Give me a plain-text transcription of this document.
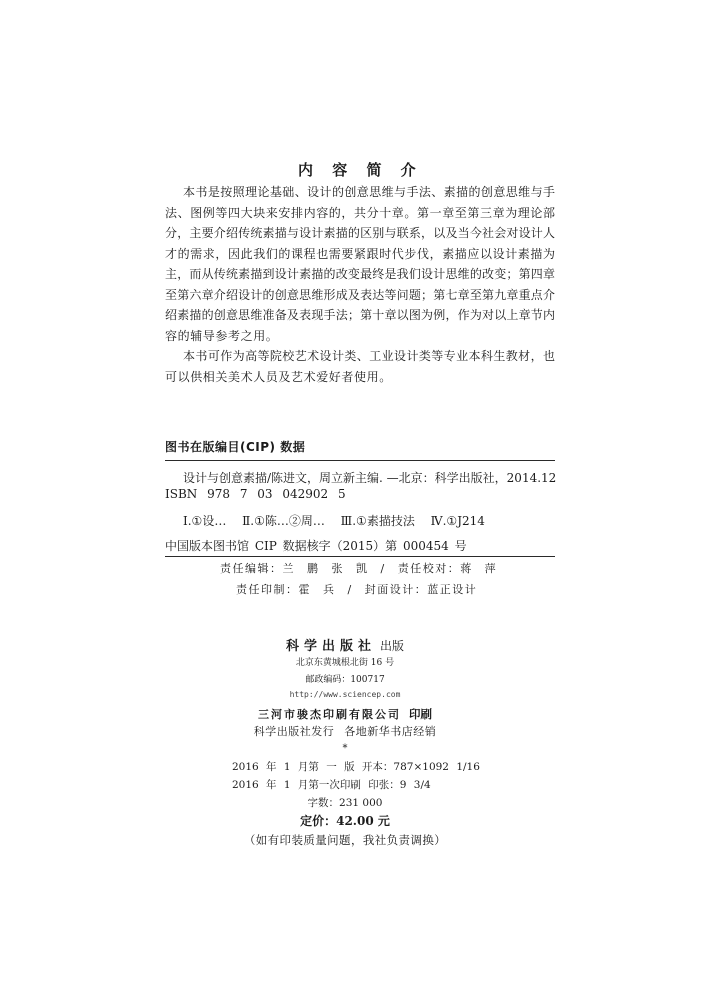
内 容 简 介
本书是按照理论基础、设计的创意思维与手法、素描的创意思维与手
法、图例等四大块来安排内容的，共分十章。第一章至第三章为理论部
分，主要介绍传统素描与设计素描的区别与联系，以及当今社会对设计人
才的需求，因此我们的课程也需要紧跟时代步伐，素描应以设计素描为
主，而从传统素描到设计素描的改变最终是我们设计思维的改变；第四章
至第六章介绍设计的创意思维形成及表达等问题；第七章至第九章重点介
绍素描的创意思维准备及表现手法；第十章以图为例，作为对以上章节内
容的辅导参考之用。
本书可作为高等院校艺术设计类、工业设计类等专业本科生教材，也
可以供相关美术人员及艺术爱好者使用。
图书在版编目(CIP) 数据
设计与创意素描/陈进文，周立新主编. —北京：科学出版社，2014.12
ISBN 978 7 03 042902 5
Ⅰ.①设… Ⅱ.①陈…②周… Ⅲ.①素描技法 Ⅳ.①J214
中国版本图书馆 CIP 数据核字（2015）第 000454 号
责任编辑：兰 鹏 张 凯 / 责任校对：蒋 萍
责任印制：霍 兵 / 封面设计：蓝正设计
科学出版社 出版
北京东黄城根北街 16 号
邮政编码：100717
http://www.sciencep.com
三河市骏杰印刷有限公司 印刷
科学出版社发行 各地新华书店经销
*
2016 年 1 月第 一 版 开本：787×1092 1/16
2016 年 1 月第一次印刷 印张：9 3/4
字数：231 000
定价：42.00 元
（如有印装质量问题，我社负责调换）
